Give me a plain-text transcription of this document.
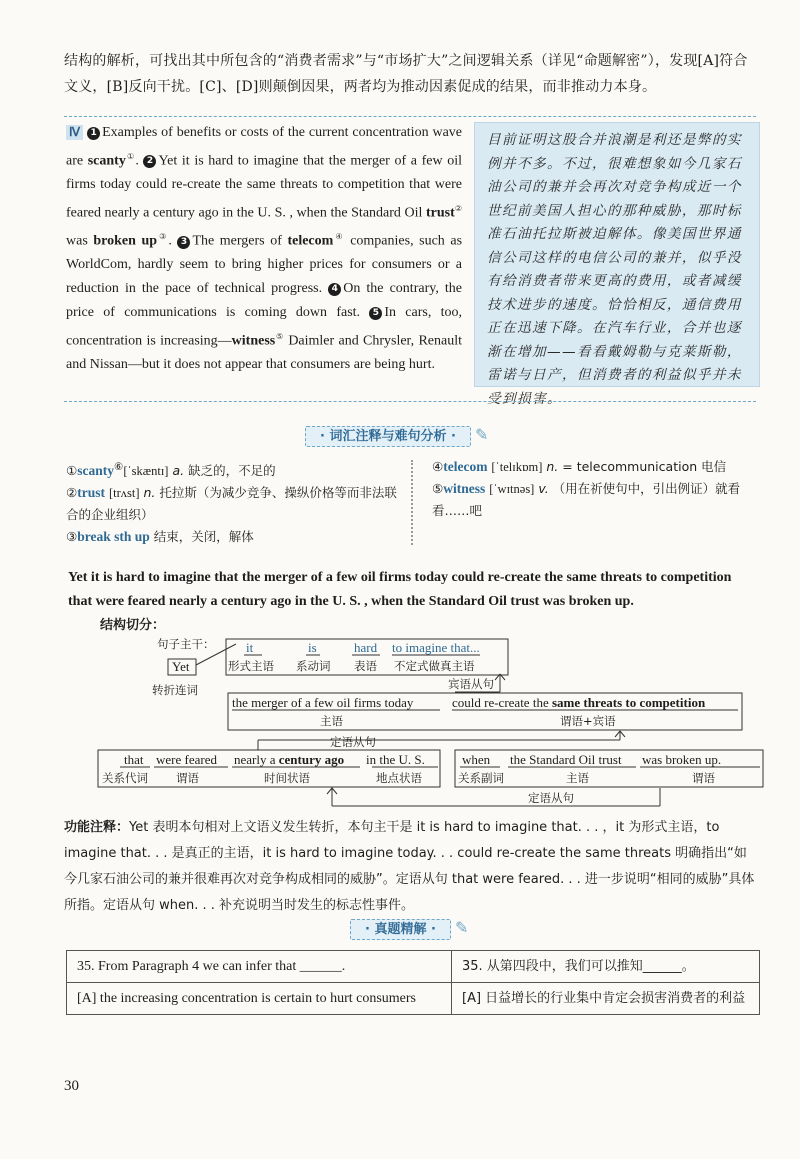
结构的解析，可找出其中所包含的“消费者需求”与“市场扩大”之间逻辑关系（详见“命题解密”），发现[A]符合文义，[B]反向干扰。[C]、[D]则颠倒因果，两者均为推动因素促成的结果，而非推动力本身。
Ⅳ 1 Examples of benefits or costs of the current concentration wave are scanty①. 2 Yet it is hard to imagine that the merger of a few oil firms today could re-create the same threats to competition that were feared nearly a century ago in the U. S. , when the Standard Oil trust② was broken up③. 3 The mergers of telecom④ companies, such as WorldCom, hardly seem to bring higher prices for consumers or a reduction in the pace of technical progress. 4 On the contrary, the price of communications is coming down fast. 5 In cars, too, concentration is increasing—witness⑤ Daimler and Chrysler, Renault and Nissan—but it does not appear that consumers are being hurt.
目前证明这股合并浪潮是利还是弊的实例并不多。不过，很难想象如今几家石油公司的兼并会再次对竞争构成近一个世纪前美国人担心的那种威胁，那时标准石油托拉斯被迫解体。像美国世界通信公司这样的电信公司的兼并，似乎没有给消费者带来更高的费用，或者减缓技术进步的速度。恰恰相反，通信费用正在迅速下降。在汽车行业，合并也逐渐在增加——看看戴姆勒与克莱斯勒，雷诺与日产，但消费者的利益似乎并未受到损害。
· 词汇注释与难句分析 · ✎
①scanty⑥[ˈskæntɪ] a. 缺乏的，不足的
②trust [trʌst] n. 托拉斯（为减少竞争、操纵价格等而非法联合的企业组织）
③break sth up 结束，关闭，解体
④telecom [ˈtelɪkɒm] n. = telecommunication 电信
⑤witness [ˈwɪtnəs] v. （用在祈使句中，引出例证）就看看……吧
Yet it is hard to imagine that the merger of a few oil firms today could re-create the same threats to competition that were feared nearly a century ago in the U. S. , when the Standard Oil trust was broken up.
结构切分：
句子主干：
Yet
转折连词
it
形式主语
is
系动词
hard
表语
to imagine that...
不定式做真主语
宾语从句
the merger of a few oil firms today
主语
could re-create the same threats to competition
谓语+宾语
定语从句
that
关系代词
were feared
谓语
nearly a century ago
时间状语
in the U. S.
地点状语
when
关系副词
the Standard Oil trust
主语
was broken up.
谓语
定语从句
功能注释：Yet 表明本句相对上文语义发生转折，本句主干是 it is hard to imagine that. . . ，it 为形式主语，to imagine that. . . 是真正的主语，it is hard to imagine today. . . could re-create the same threats 明确指出“如今几家石油公司的兼并很难再次对竞争构成相同的威胁”。定语从句 that were feared. . . 进一步说明“相同的威胁”具体所指。定语从句 when. . . 补充说明当时发生的标志性事件。
· 真题精解 · ✎
35. From Paragraph 4 we can infer that ______.	35. 从第四段中，我们可以推知______。
[A] the increasing concentration is certain to hurt consumers	[A] 日益增长的行业集中肯定会损害消费者的利益
30
